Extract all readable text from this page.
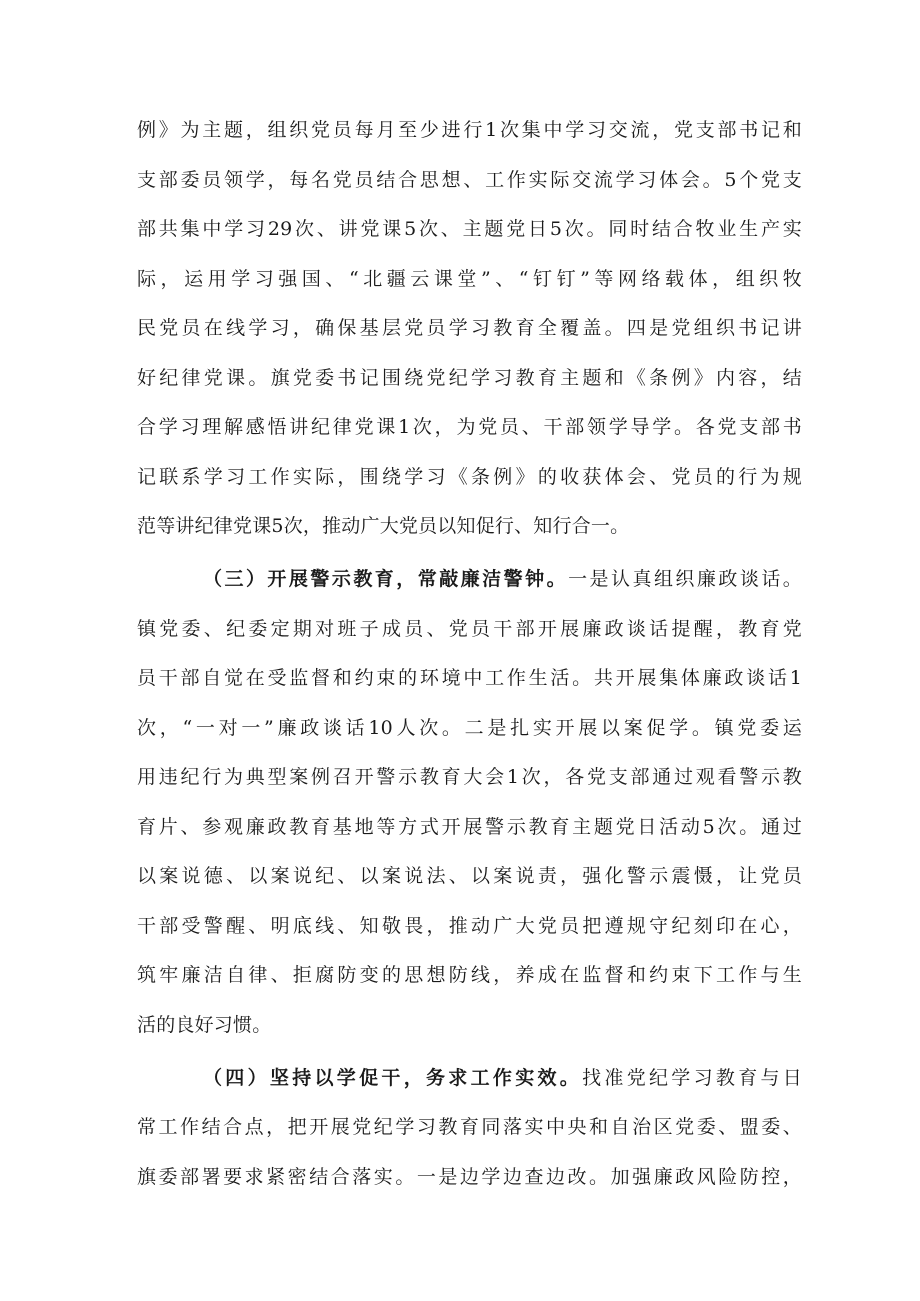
例》为主题，组织党员每月至少进行1次集中学习交流，党支部书记和
支部委员领学，每名党员结合思想、工作实际交流学习体会。5个党支
部共集中学习29次、讲党课5次、主题党日5次。同时结合牧业生产实
际，运用学习强国、“北疆云课堂”、“钉钉”等网络载体，组织牧
民党员在线学习，确保基层党员学习教育全覆盖。四是党组织书记讲
好纪律党课。旗党委书记围绕党纪学习教育主题和《条例》内容，结
合学习理解感悟讲纪律党课1次，为党员、干部领学导学。各党支部书
记联系学习工作实际，围绕学习《条例》的收获体会、党员的行为规
范等讲纪律党课5次，推动广大党员以知促行、知行合一。
（三）开展警示教育，常敲廉洁警钟。一是认真组织廉政谈话。
镇党委、纪委定期对班子成员、党员干部开展廉政谈话提醒，教育党
员干部自觉在受监督和约束的环境中工作生活。共开展集体廉政谈话1
次，“一对一”廉政谈话10人次。二是扎实开展以案促学。镇党委运
用违纪行为典型案例召开警示教育大会1次，各党支部通过观看警示教
育片、参观廉政教育基地等方式开展警示教育主题党日活动5次。通过
以案说德、以案说纪、以案说法、以案说责，强化警示震慑，让党员
干部受警醒、明底线、知敬畏，推动广大党员把遵规守纪刻印在心，
筑牢廉洁自律、拒腐防变的思想防线，养成在监督和约束下工作与生
活的良好习惯。
（四）坚持以学促干，务求工作实效。找准党纪学习教育与日
常工作结合点，把开展党纪学习教育同落实中央和自治区党委、盟委、
旗委部署要求紧密结合落实。一是边学边查边改。加强廉政风险防控，
